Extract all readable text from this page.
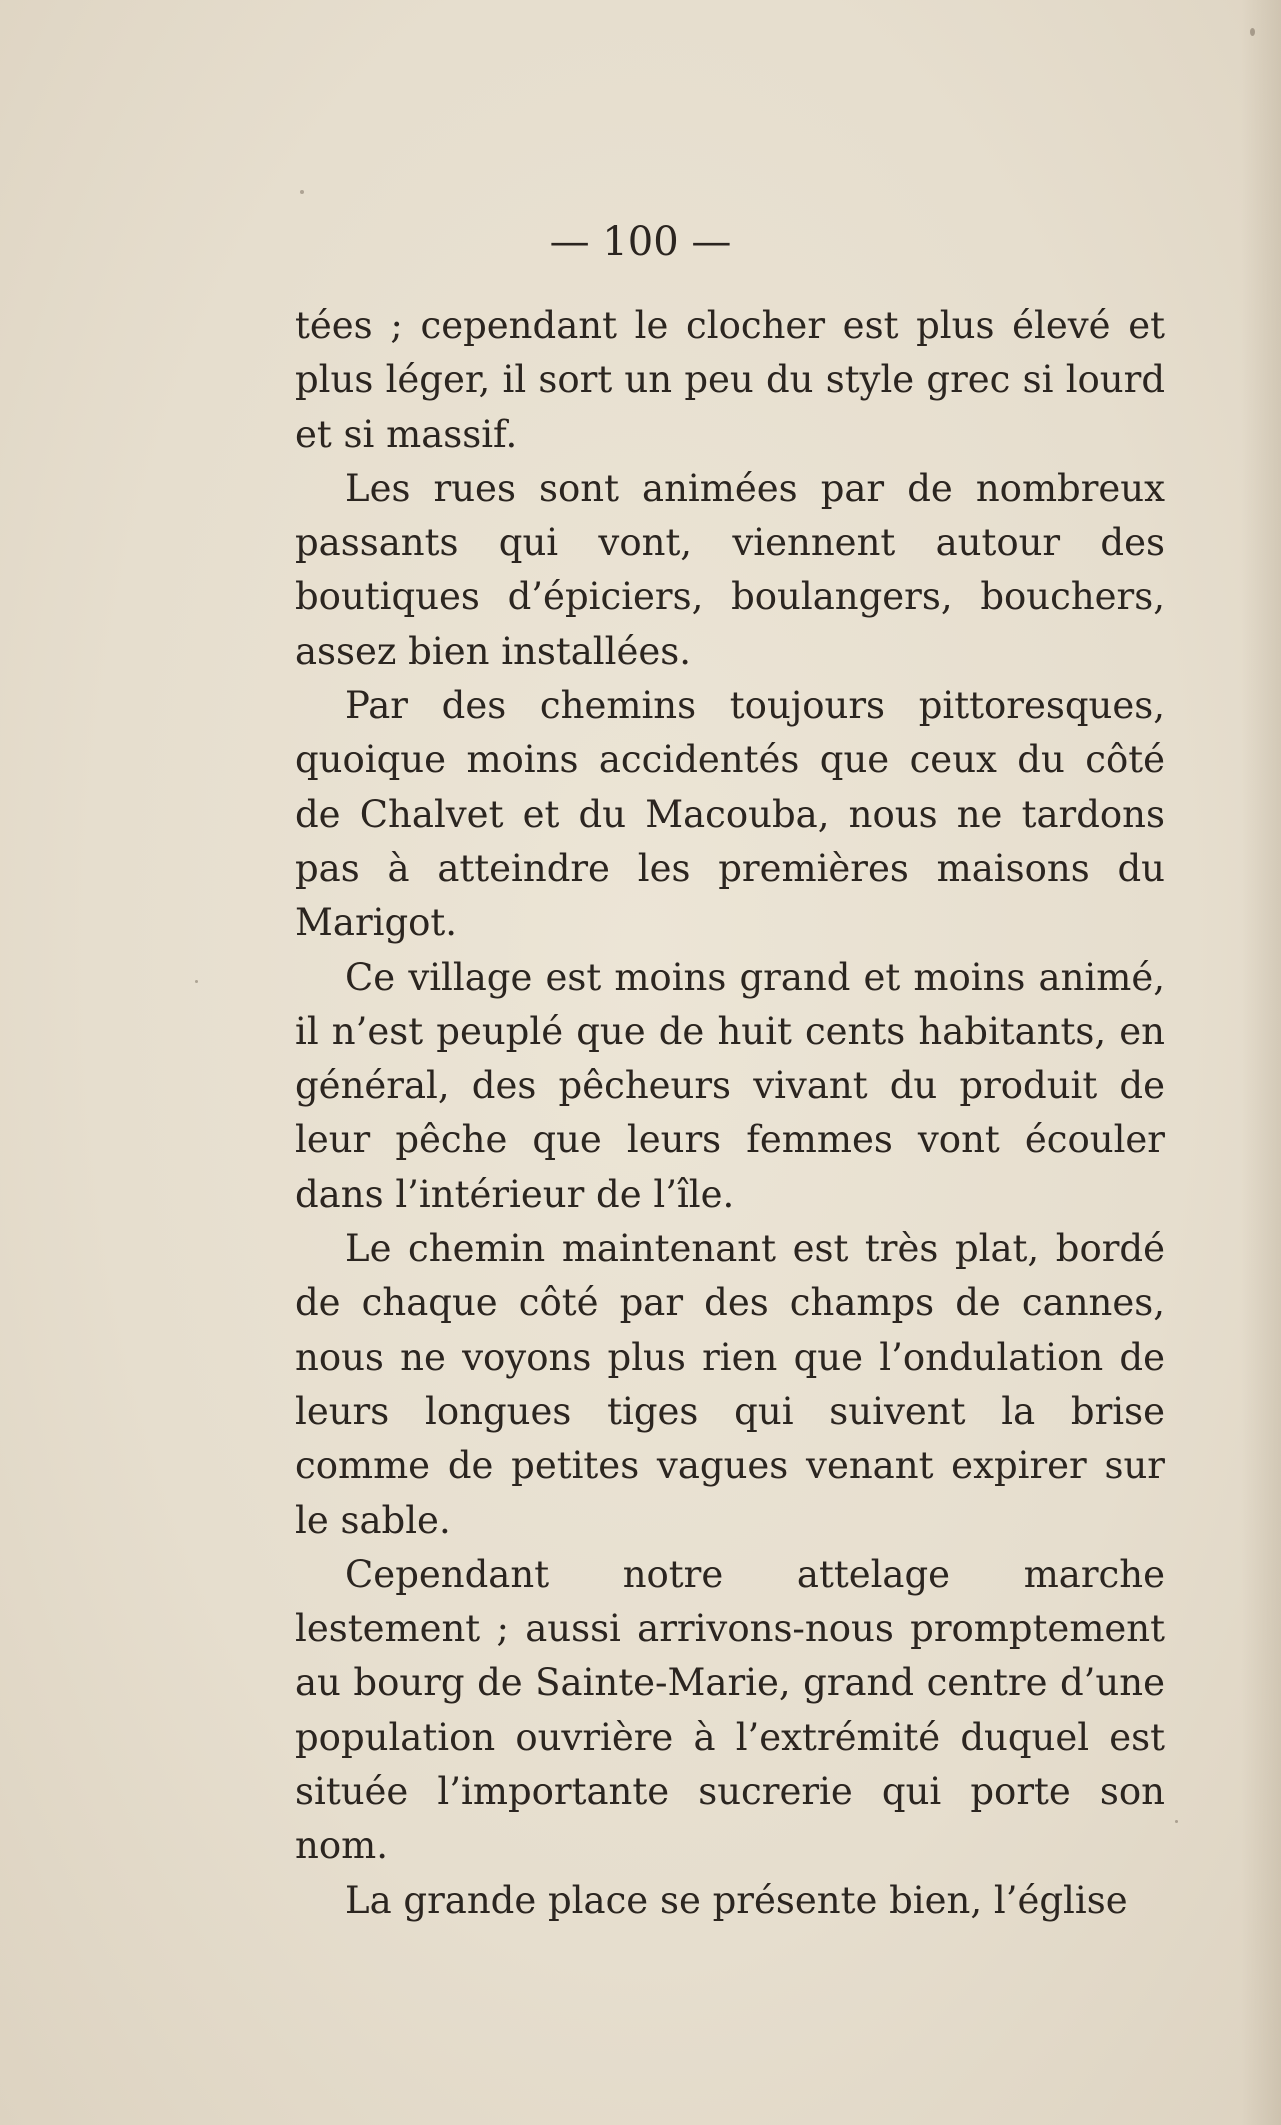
— 100 —

tées ; cependant le clocher est plus élevé et plus léger, il sort un peu du style grec si lourd et si massif.

Les rues sont animées par de nombreux passants qui vont, viennent autour des boutiques d’épiciers, boulangers, bouchers, assez bien installées.

Par des chemins toujours pittoresques, quoique moins accidentés que ceux du côté de Chalvet et du Macouba, nous ne tardons pas à atteindre les premières maisons du Marigot.

Ce village est moins grand et moins animé, il n’est peuplé que de huit cents habitants, en général, des pêcheurs vivant du produit de leur pêche que leurs femmes vont écouler dans l’intérieur de l’île.

Le chemin maintenant est très plat, bordé de chaque côté par des champs de cannes, nous ne voyons plus rien que l’ondulation de leurs longues tiges qui suivent la brise comme de petites vagues venant expirer sur le sable.

Cependant notre attelage marche lestement ; aussi arrivons-nous promptement au bourg de Sainte-Marie, grand centre d’une population ouvrière à l’extrémité duquel est située l’importante sucrerie qui porte son nom.

La grande place se présente bien, l’église
